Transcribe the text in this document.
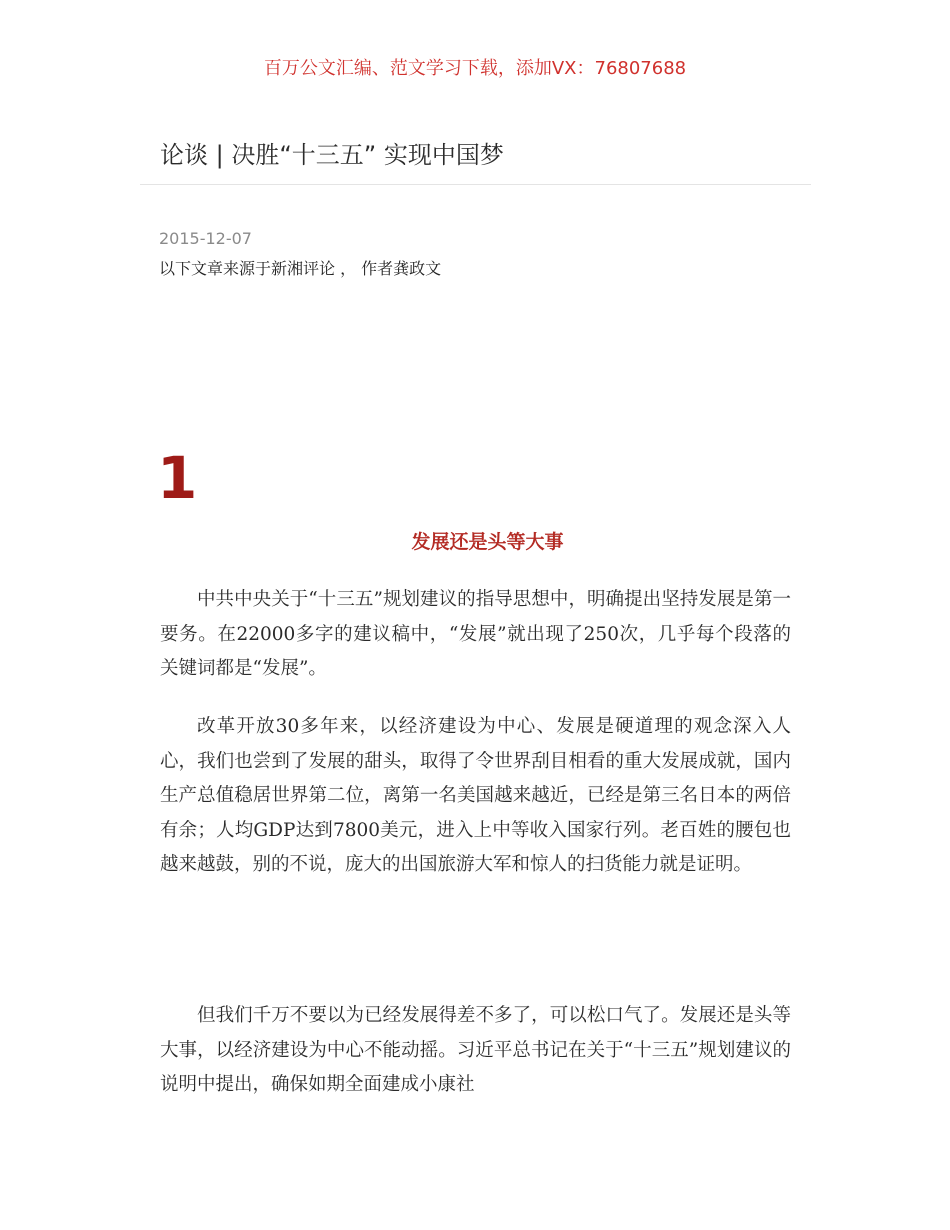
百万公文汇编、范文学习下载，添加VX：76807688
论谈 | 决胜“十三五” 实现中国梦
2015-12-07
以下文章来源于新湘评论 ， 作者龚政文
1
发展还是头等大事

中共中央关于“十三五”规划建议的指导思想中，明确提出坚持发展是第一要务。在22000多字的建议稿中，“发展”就出现了250次，几乎每个段落的关键词都是“发展”。

改革开放30多年来，以经济建设为中心、发展是硬道理的观念深入人心，我们也尝到了发展的甜头，取得了令世界刮目相看的重大发展成就，国内生产总值稳居世界第二位，离第一名美国越来越近，已经是第三名日本的两倍有余；人均GDP达到7800美元，进入上中等收入国家行列。老百姓的腰包也越来越鼓，别的不说，庞大的出国旅游大军和惊人的扫货能力就是证明。

但我们千万不要以为已经发展得差不多了，可以松口气了。发展还是头等大事，以经济建设为中心不能动摇。习近平总书记在关于“十三五”规划建议的说明中提出，确保如期全面建成小康社
